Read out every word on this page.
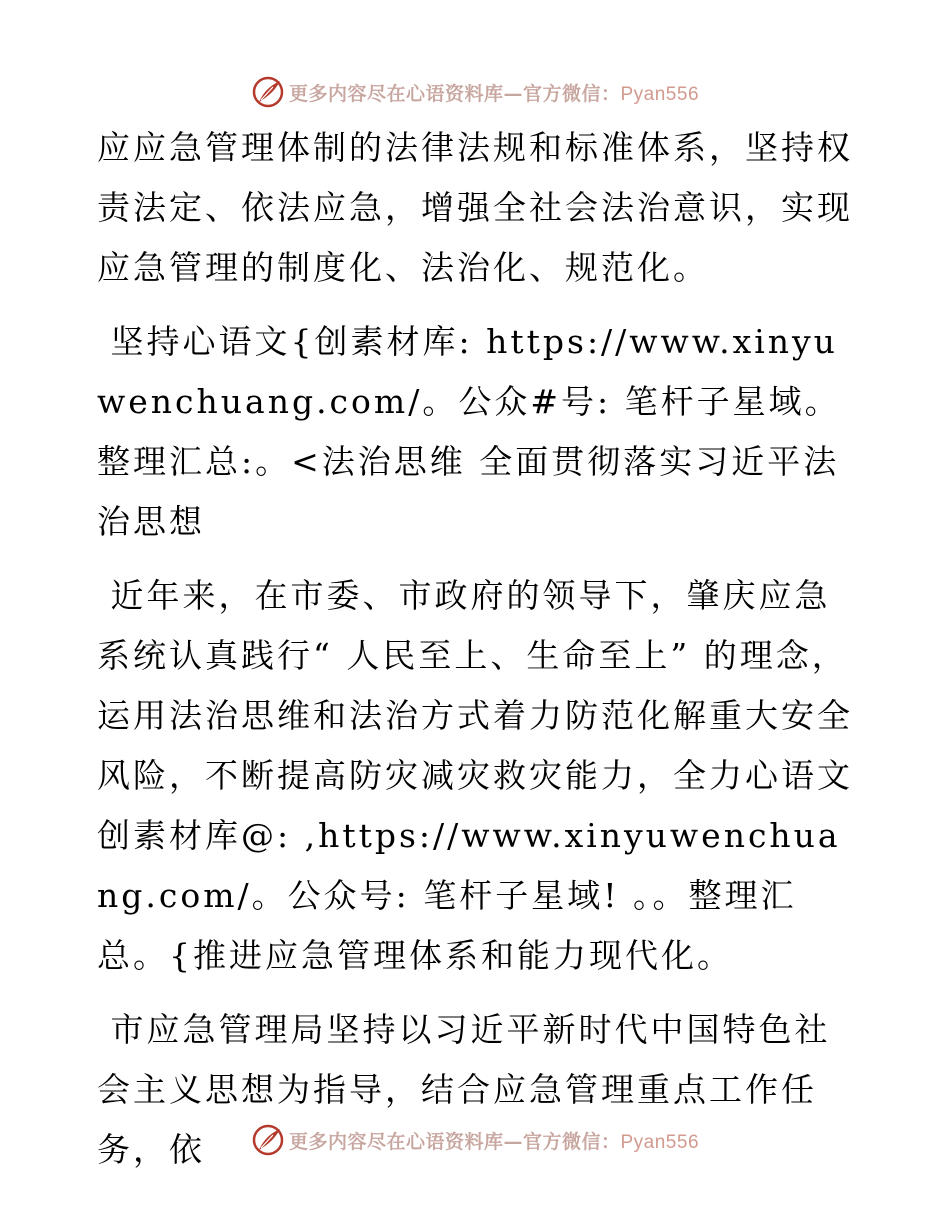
更多内容尽在心语资料库—官方微信：Pyan556

应应急管理体制的法律法规和标准体系，坚持权责法定、依法应急，增强全社会法治意识，实现应急管理的制度化、法治化、规范化。

坚持心语文{创素材库: https://www.xinyuwenchuang.com/。公众#号: 笔杆子星域。整理汇总:。<法治思维 全面贯彻落实习近平法治思想

近年来，在市委、市政府的领导下，肇庆应急系统认真践行“ 人民至上、生命至上” 的理念，运用法治思维和法治方式着力防范化解重大安全风险，不断提高防灾减灾救灾能力，全力心语文创素材库@: ,https://www.xinyuwenchuang.com/。公众号: 笔杆子星域! 。。整理汇总。{推进应急管理体系和能力现代化。

市应急管理局坚持以习近平新时代中国特色社会主义思想为指导，结合应急管理重点工作任务，依	更多内容尽在心语资料库—官方微信：Pyan556
